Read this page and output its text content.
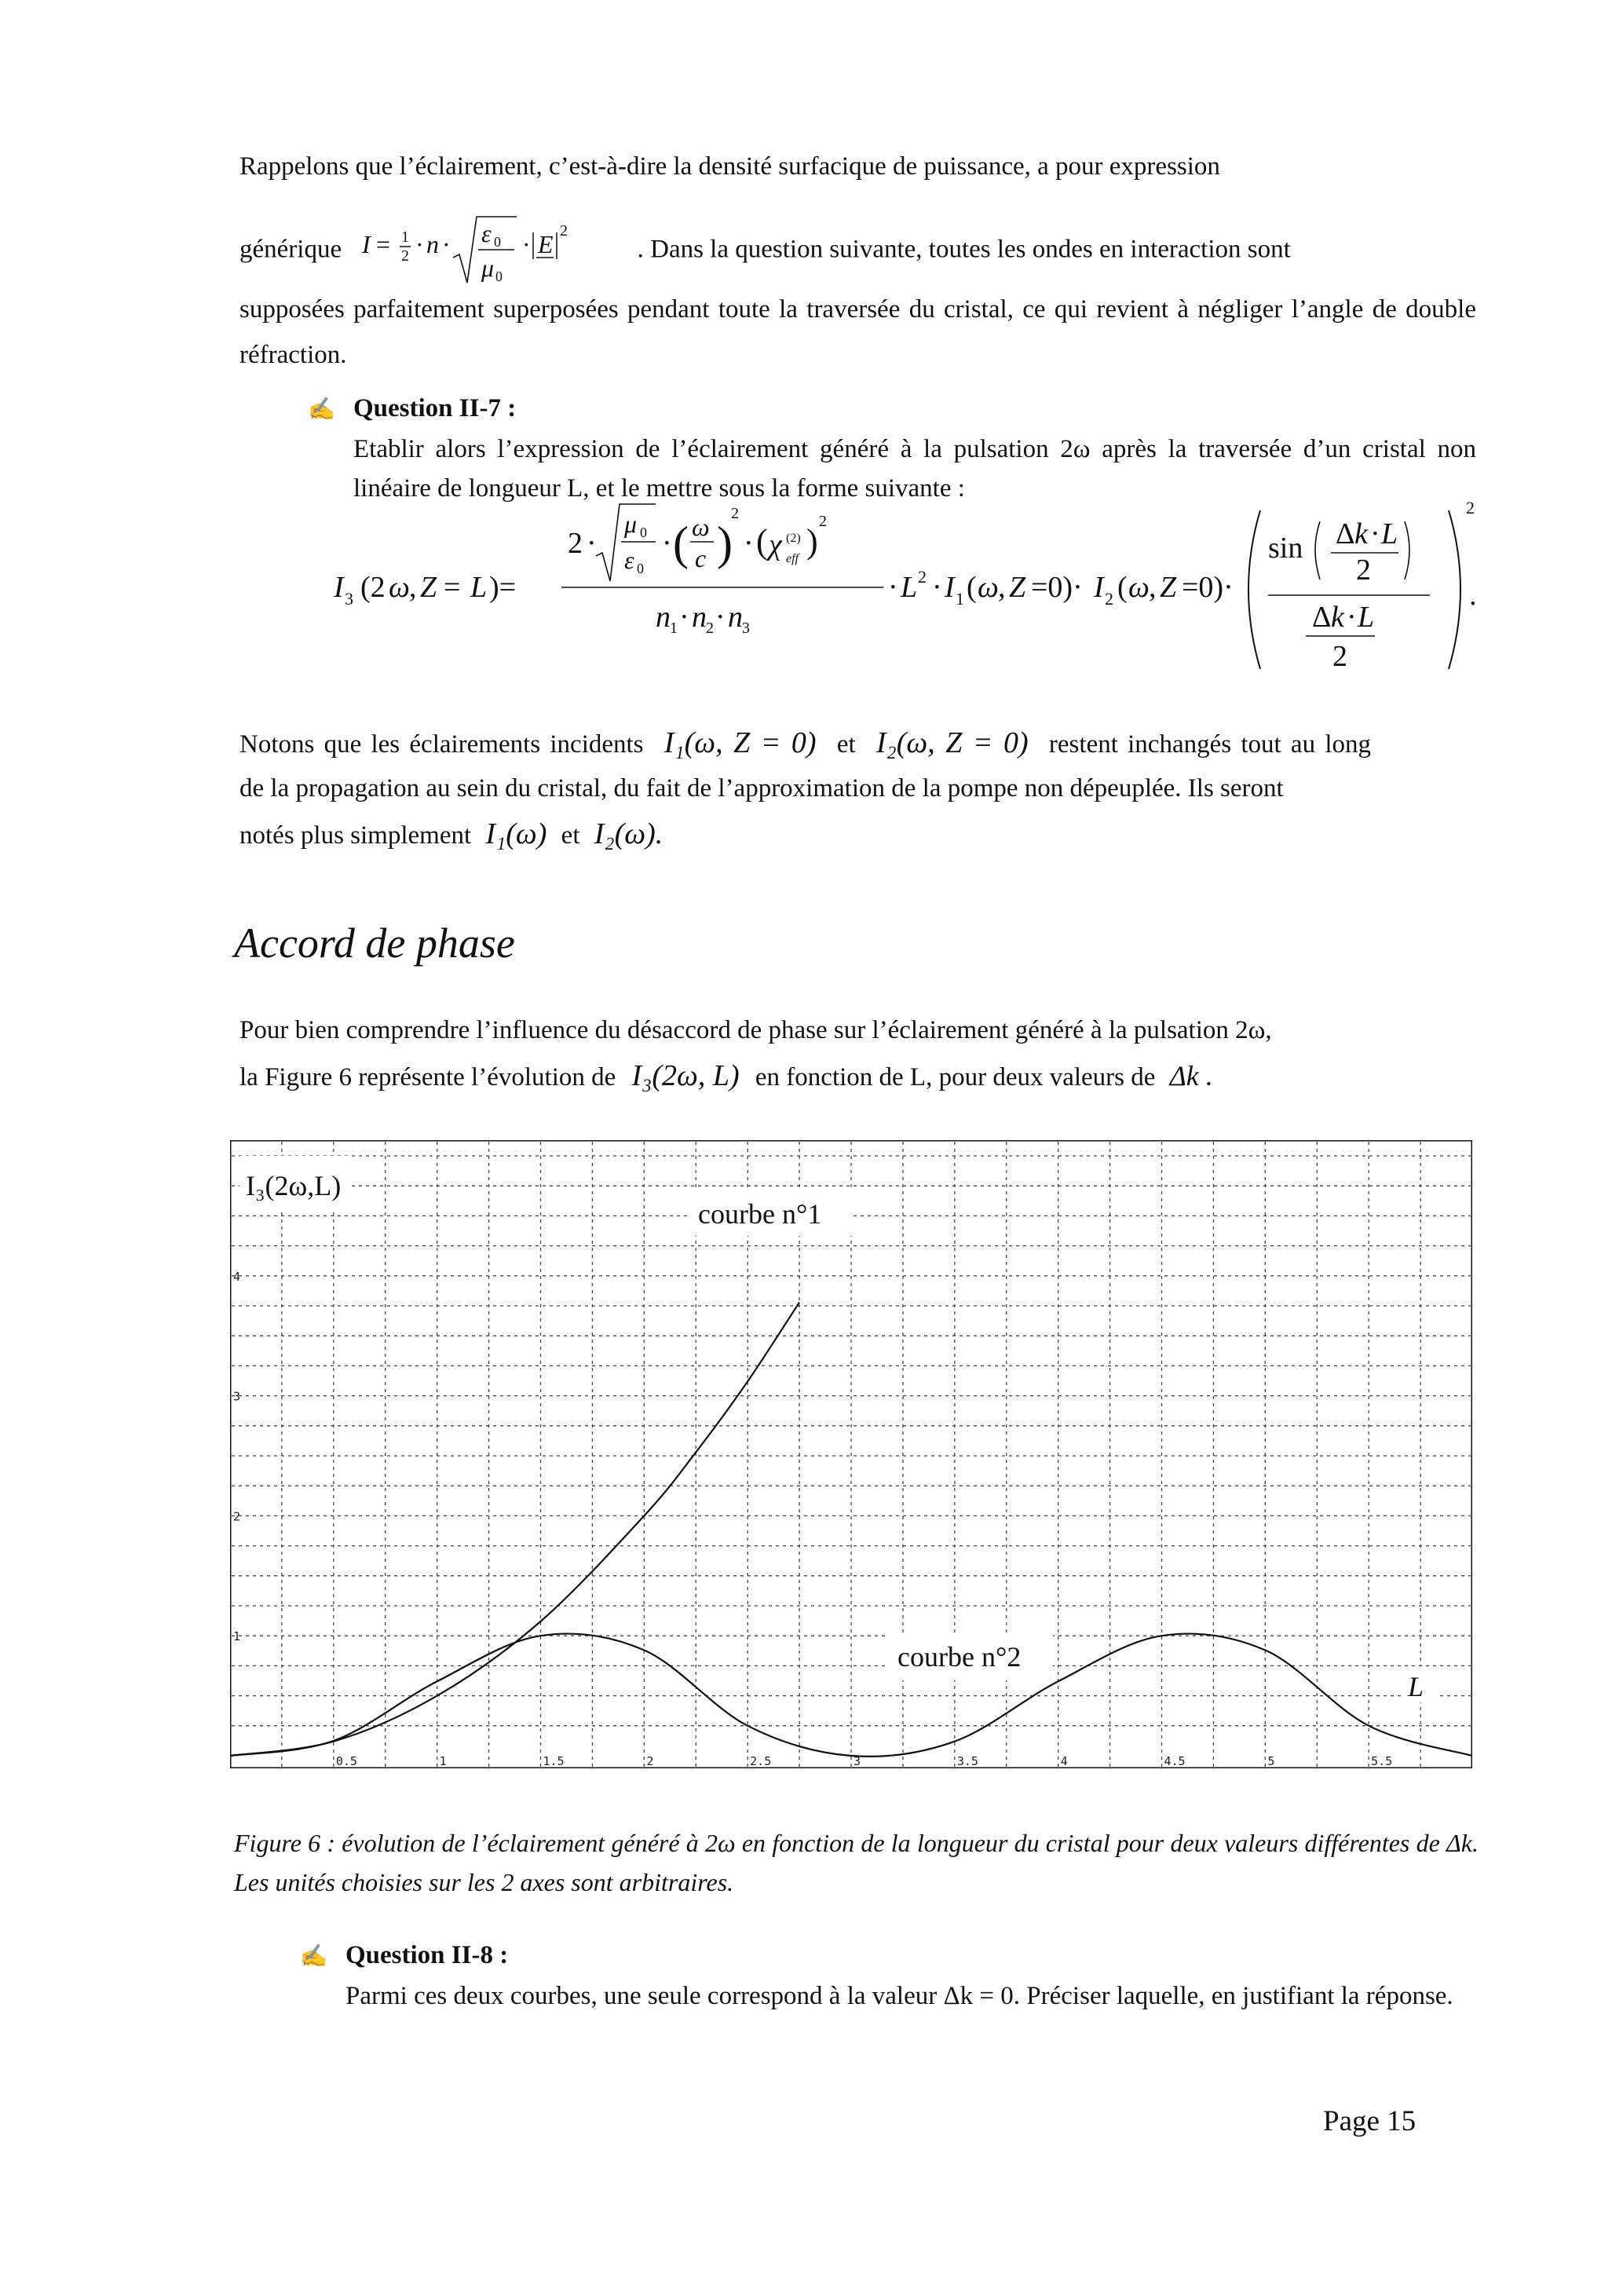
Rappelons que l’éclairement, c’est-à-dire la densité surfacique de puissance, a pour expression
générique I = 1
2 · n · ε 0
μ 0
· E 2
. Dans la question suivante, toutes les ondes en interaction sont
supposées parfaitement superposées pendant toute la traversée du cristal, ce qui revient à négliger l’angle de double réfraction.
✍ Question II-7 :
Etablir alors l’expression de l’éclairement généré à la pulsation 2ω après la traversée d’un cristal non linéaire de longueur L, et le mettre sous la forme suivante :
I 3 (2 ω , Z = L )=
2 ·
μ 0
ε 0
· ( ω
c )
2
· ( χ (2)
eff )
2
n 1 · n 2 · n 3
· L 2 · I 1 ( ω , Z =0)· I 2 ( ω , Z =0)·
2
sin Δ k · L
2
Δ k · L
2
.
Notons que les éclairements incidents I₁(ω, Z = 0) et I₂(ω, Z = 0) restent inchangés tout au long
de la propagation au sein du cristal, du fait de l’approximation de la pompe non dépeuplée. Ils seront
notés plus simplement I₁(ω) et I₂(ω).
Accord de phase
Pour bien comprendre l’influence du désaccord de phase sur l’éclairement généré à la pulsation 2ω,
la Figure 6 représente l’évolution de I₃(2ω, L) en fonction de L, pour deux valeurs de Δk .
0.5	1	1.5	2	2.5	3	3.5	4	4.5	5	5.5
1
2
3
4
I₃(2ω,L)
courbe n°1
courbe n°2
L
Figure 6 : évolution de l’éclairement généré à 2ω en fonction de la longueur du cristal pour deux valeurs différentes de Δk. Les unités choisies sur les 2 axes sont arbitraires.
✍ Question II-8 :
Parmi ces deux courbes, une seule correspond à la valeur Δk = 0. Préciser laquelle, en justifiant la réponse.
Page 15
